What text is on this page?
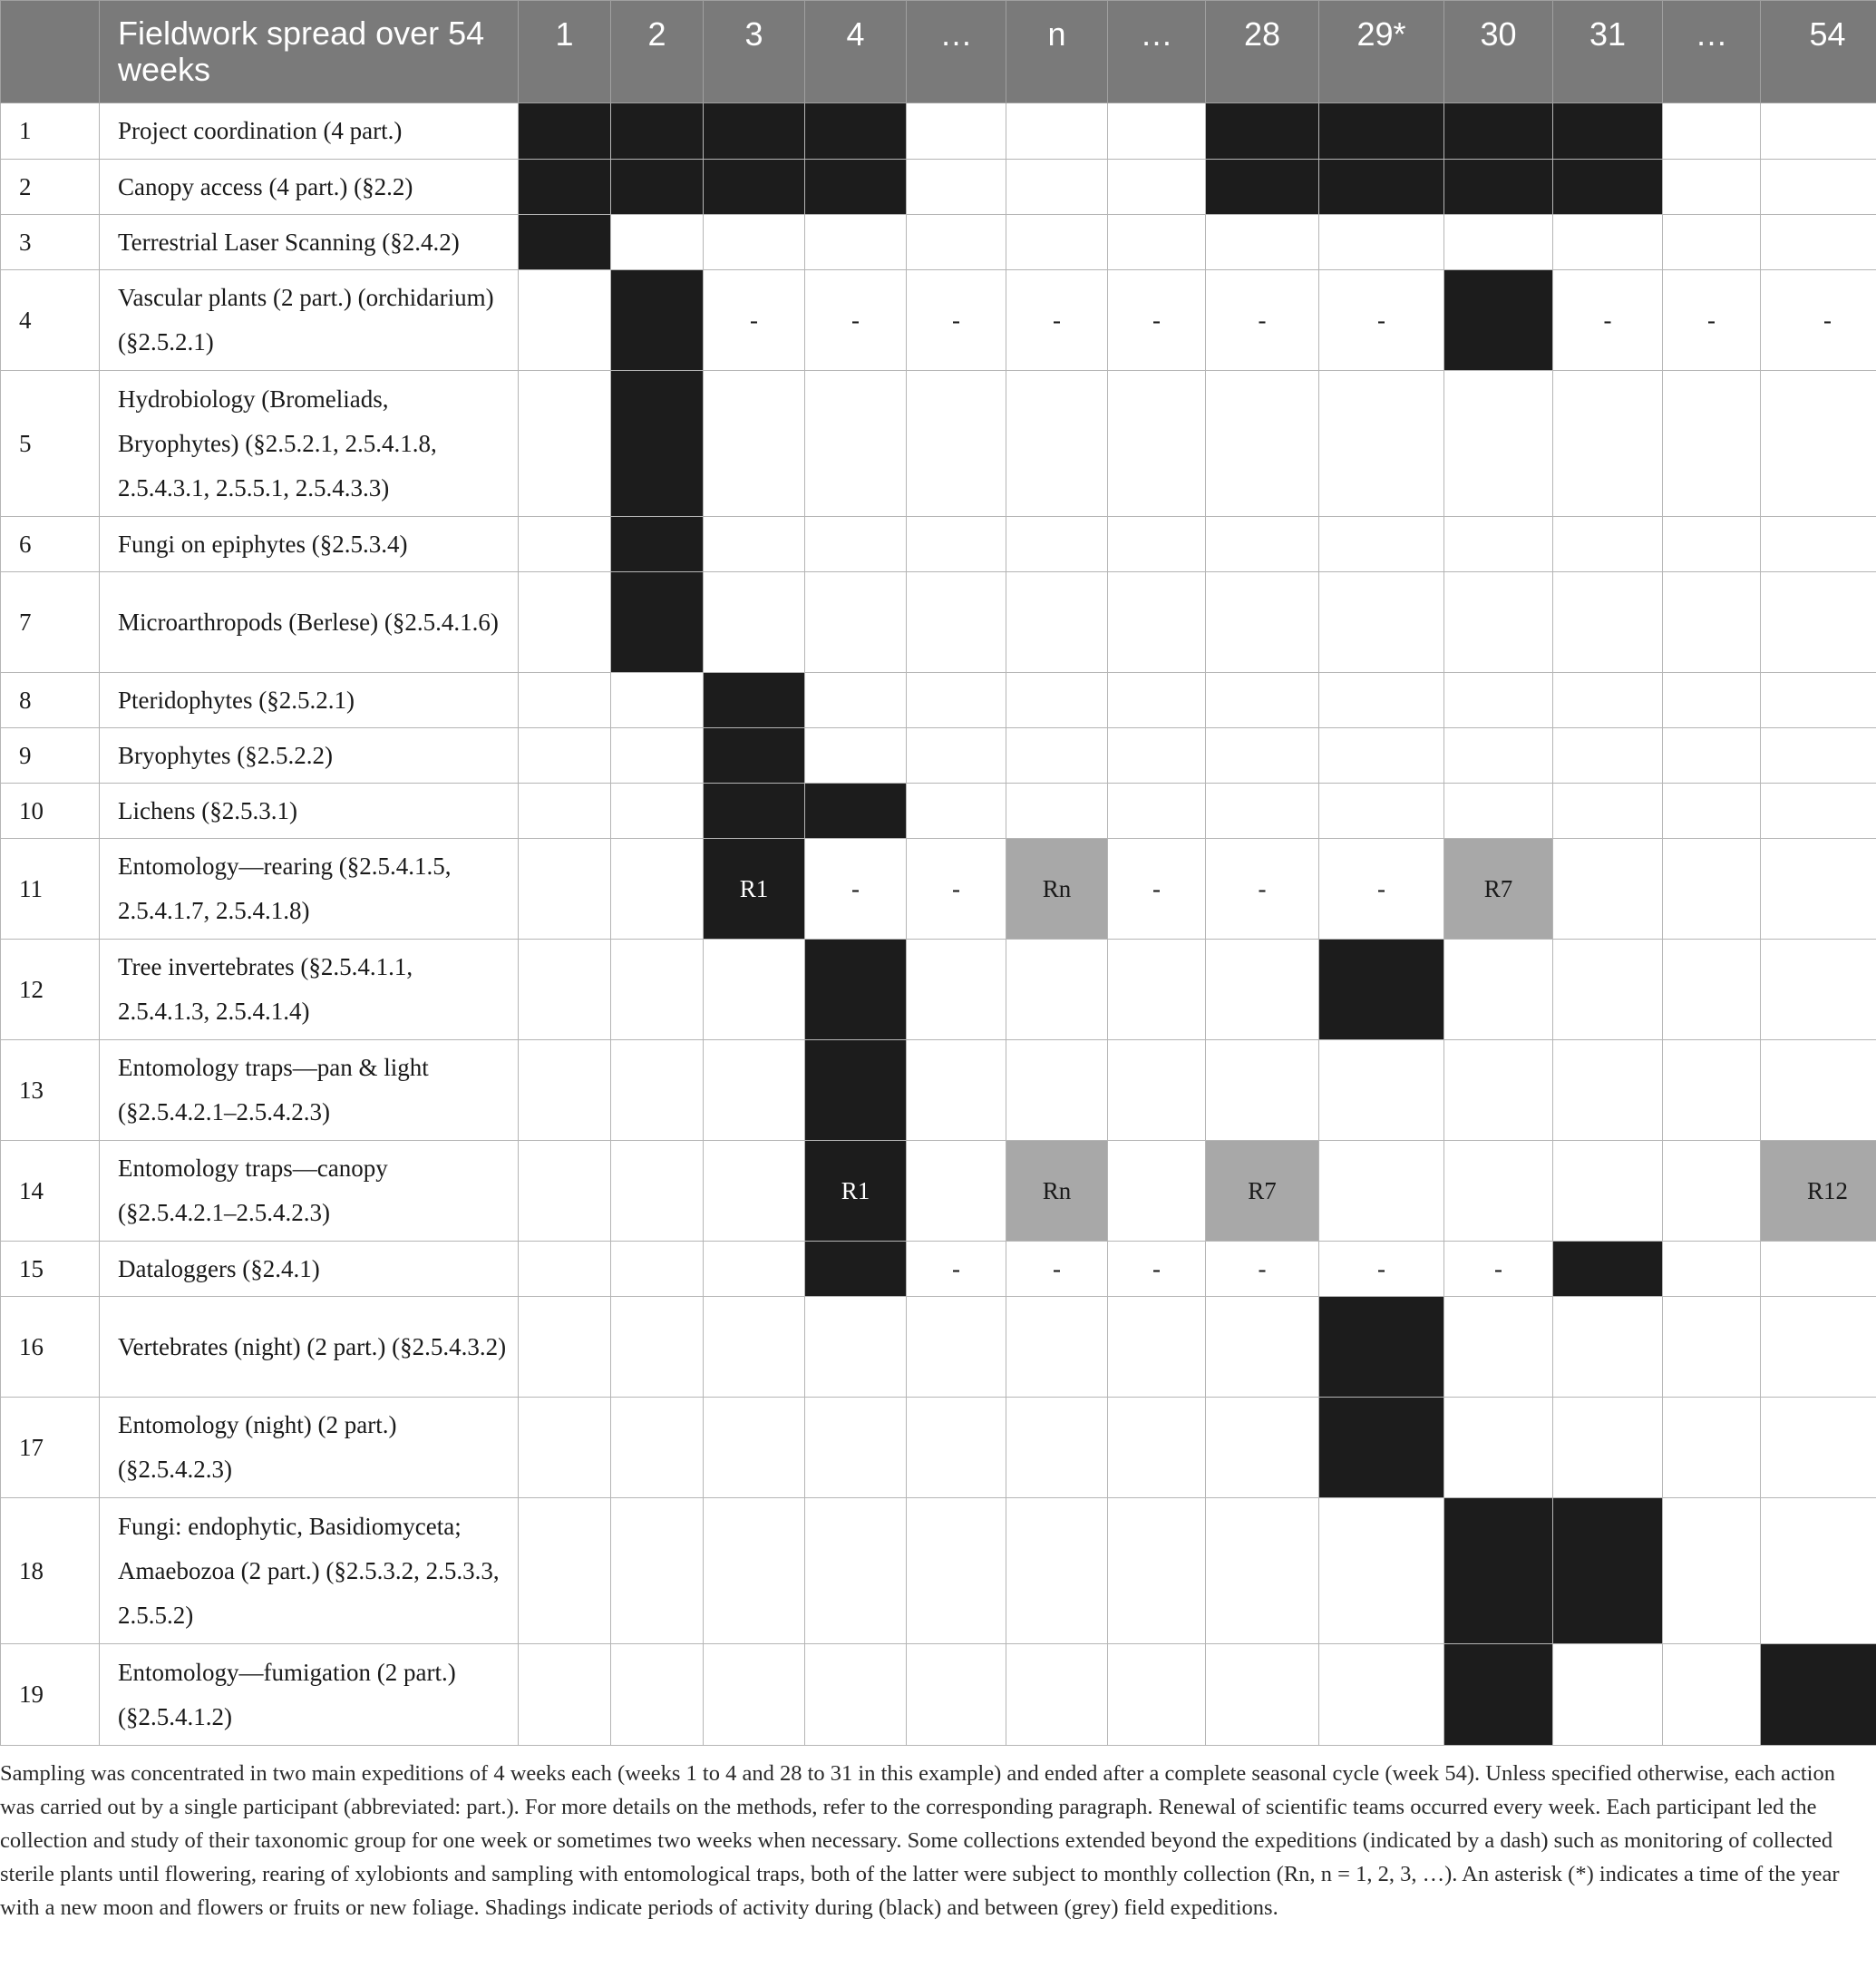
	Fieldwork spread over 54 weeks	1	2	3	4	…	n	…	28	29*	30	31	…	54
1	Project coordination (4 part.)													
2	Canopy access (4 part.) (§2.2)													
3	Terrestrial Laser Scanning (§2.4.2)													
4	Vascular plants (2 part.) (orchidarium) (§2.5.2.1)			-	-	-	-	-	-	-		-	-	-
5	Hydrobiology (Bromeliads, Bryophytes) (§2.5.2.1, 2.5.4.1.8, 2.5.4.3.1, 2.5.5.1, 2.5.4.3.3)													
6	Fungi on epiphytes (§2.5.3.4)													
7	Microarthropods (Berlese) (§2.5.4.1.6)													
8	Pteridophytes (§2.5.2.1)													
9	Bryophytes (§2.5.2.2)													
10	Lichens (§2.5.3.1)													
11	Entomology—rearing (§2.5.4.1.5, 2.5.4.1.7, 2.5.4.1.8)			R1	-	-	Rn	-	-	-	R7			
12	Tree invertebrates (§2.5.4.1.1, 2.5.4.1.3, 2.5.4.1.4)													
13	Entomology traps—pan & light (§2.5.4.2.1–2.5.4.2.3)													
14	Entomology traps—canopy (§2.5.4.2.1–2.5.4.2.3)				R1		Rn		R7					R12
15	Dataloggers (§2.4.1)					-	-	-	-	-	-			
16	Vertebrates (night) (2 part.) (§2.5.4.3.2)													
17	Entomology (night) (2 part.) (§2.5.4.2.3)													
18	Fungi: endophytic, Basidiomyceta; Amaebozoa (2 part.) (§2.5.3.2, 2.5.3.3, 2.5.5.2)													
19	Entomology—fumigation (2 part.) (§2.5.4.1.2)													

Sampling was concentrated in two main expeditions of 4 weeks each (weeks 1 to 4 and 28 to 31 in this example) and ended after a complete seasonal cycle (week 54). Unless specified otherwise, each action was carried out by a single participant (abbreviated: part.). For more details on the methods, refer to the corresponding paragraph. Renewal of scientific teams occurred every week. Each participant led the collection and study of their taxonomic group for one week or sometimes two weeks when necessary. Some collections extended beyond the expeditions (indicated by a dash) such as monitoring of collected sterile plants until flowering, rearing of xylobionts and sampling with entomological traps, both of the latter were subject to monthly collection (Rn, n = 1, 2, 3, …). An asterisk (*) indicates a time of the year with a new moon and flowers or fruits or new foliage. Shadings indicate periods of activity during (black) and between (grey) field expeditions.
